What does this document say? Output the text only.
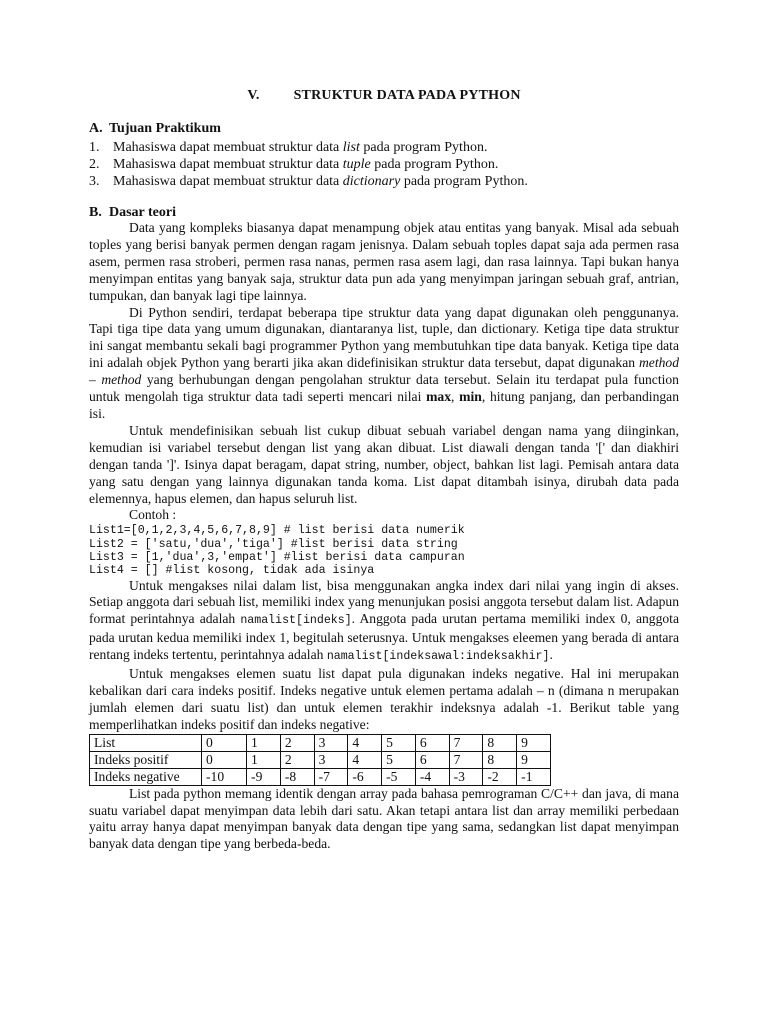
V. STRUKTUR DATA PADA PYTHON
A. Tujuan Praktikum
1. Mahasiswa dapat membuat struktur data list pada program Python.
2. Mahasiswa dapat membuat struktur data tuple pada program Python.
3. Mahasiswa dapat membuat struktur data dictionary pada program Python.
B. Dasar teori

Data yang kompleks biasanya dapat menampung objek atau entitas yang banyak. Misal ada sebuah toples yang berisi banyak permen dengan ragam jenisnya. Dalam sebuah toples dapat saja ada permen rasa asem, permen rasa stroberi, permen rasa nanas, permen rasa asem lagi, dan rasa lainnya. Tapi bukan hanya menyimpan entitas yang banyak saja, struktur data pun ada yang menyimpan jaringan sebuah graf, antrian, tumpukan, dan banyak lagi tipe lainnya.

Di Python sendiri, terdapat beberapa tipe struktur data yang dapat digunakan oleh penggunanya. Tapi tiga tipe data yang umum digunakan, diantaranya list, tuple, dan dictionary. Ketiga tipe data struktur ini sangat membantu sekali bagi programmer Python yang membutuhkan tipe data banyak. Ketiga tipe data ini adalah objek Python yang berarti jika akan didefinisikan struktur data tersebut, dapat digunakan method – method yang berhubungan dengan pengolahan struktur data tersebut. Selain itu terdapat pula function untuk mengolah tiga struktur data tadi seperti mencari nilai max, min, hitung panjang, dan perbandingan isi.

Untuk mendefinisikan sebuah list cukup dibuat sebuah variabel dengan nama yang diinginkan, kemudian isi variabel tersebut dengan list yang akan dibuat. List diawali dengan tanda '[' dan diakhiri dengan tanda ']'. Isinya dapat beragam, dapat string, number, object, bahkan list lagi. Pemisah antara data yang satu dengan yang lainnya digunakan tanda koma. List dapat ditambah isinya, dirubah data pada elemennya, hapus elemen, dan hapus seluruh list.

Contoh :
List1=[0,1,2,3,4,5,6,7,8,9] # list berisi data numerik
List2 = ['satu,'dua','tiga'] #list berisi data string
List3 = [1,'dua',3,'empat'] #list berisi data campuran
List4 = [] #list kosong, tidak ada isinya

Untuk mengakses nilai dalam list, bisa menggunakan angka index dari nilai yang ingin di akses. Setiap anggota dari sebuah list, memiliki index yang menunjukan posisi anggota tersebut dalam list. Adapun format perintahnya adalah namalist[indeks]. Anggota pada urutan pertama memiliki index 0, anggota pada urutan kedua memiliki index 1, begitulah seterusnya. Untuk mengakses eleemen yang berada di antara rentang indeks tertentu, perintahnya adalah namalist[indeksawal:indeksakhir].

Untuk mengakses elemen suatu list dapat pula digunakan indeks negative. Hal ini merupakan kebalikan dari cara indeks positif. Indeks negative untuk elemen pertama adalah – n (dimana n merupakan jumlah elemen dari suatu list) dan untuk elemen terakhir indeksnya adalah -1. Berikut table yang memperlihatkan indeks positif dan indeks negative:

List	0	1	2	3	4	5	6	7	8	9
Indeks positif	0	1	2	3	4	5	6	7	8	9
Indeks negative	-10	-9	-8	-7	-6	-5	-4	-3	-2	-1

List pada python memang identik dengan array pada bahasa pemrograman C/C++ dan java, di mana suatu variabel dapat menyimpan data lebih dari satu. Akan tetapi antara list dan array memiliki perbedaan yaitu array hanya dapat menyimpan banyak data dengan tipe yang sama, sedangkan list dapat menyimpan banyak data dengan tipe yang berbeda-beda.
